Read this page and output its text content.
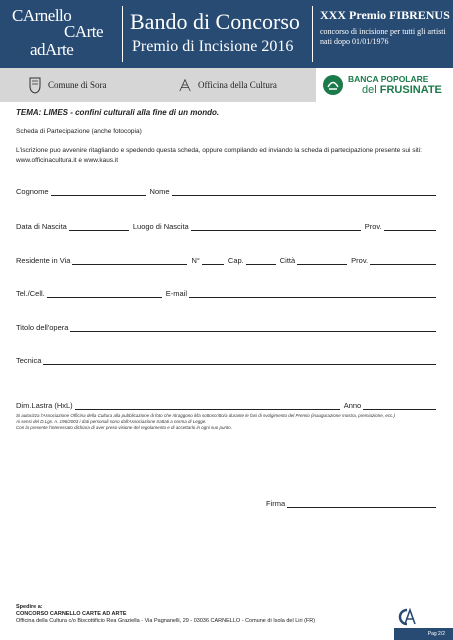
CArnello
CArte
adArte
Bando di Concorso
Premio di Incisione 2016
XXX Premio FIBRENUS
concorso di incisione per tutti gli artisti
nati dopo 01/01/1976
Comune di Sora	Officina della Cultura
BANCA POPOLARE
del FRUSINATE
TEMA: LIMES - confini culturali alla fine di un mondo.
Scheda di Partecipazione (anche fotocopia)
L'iscrizione puo avvenire ritagliando e spedendo questa scheda, oppure compilando ed inviando la scheda di partecipazione presente sui siti: www.officinacultura.it e www.kaus.it
Cognome	Nome
Data di Nascita	Luogo di Nascita	Prov.
Residente in Via	N°	Cap.	Città	Prov.
Tel./Cell.	E-mail
Titolo dell'opera
Tecnica
Dim.Lastra (HxL)	Anno
Si autorizza l'Associazione Officina della Cultura alla pubblicazione di foto che ritraggono il/la sottoscritto/a durante le fasi di svolgimento del Premio (inaugurazione mostra, premiazione, ecc.)
Ai sensi del D.Lgs. n. 196/2003 i dati personali sono dall'Associazione trattati a norma di Legge.
Con la presente l'interessato dichiara di aver preso visione del regolamento e di accettarlo in ogni suo punto.
Firma
Spedire a:
CONCORSO CARNELLO CARTE AD ARTE
Officina della Cultura c/o Biscottificio Rea Graziella - Via Pagnanelli, 29 - 03036 CARNELLO - Comune di Isola del Liri (FR)
Pag 2/2
